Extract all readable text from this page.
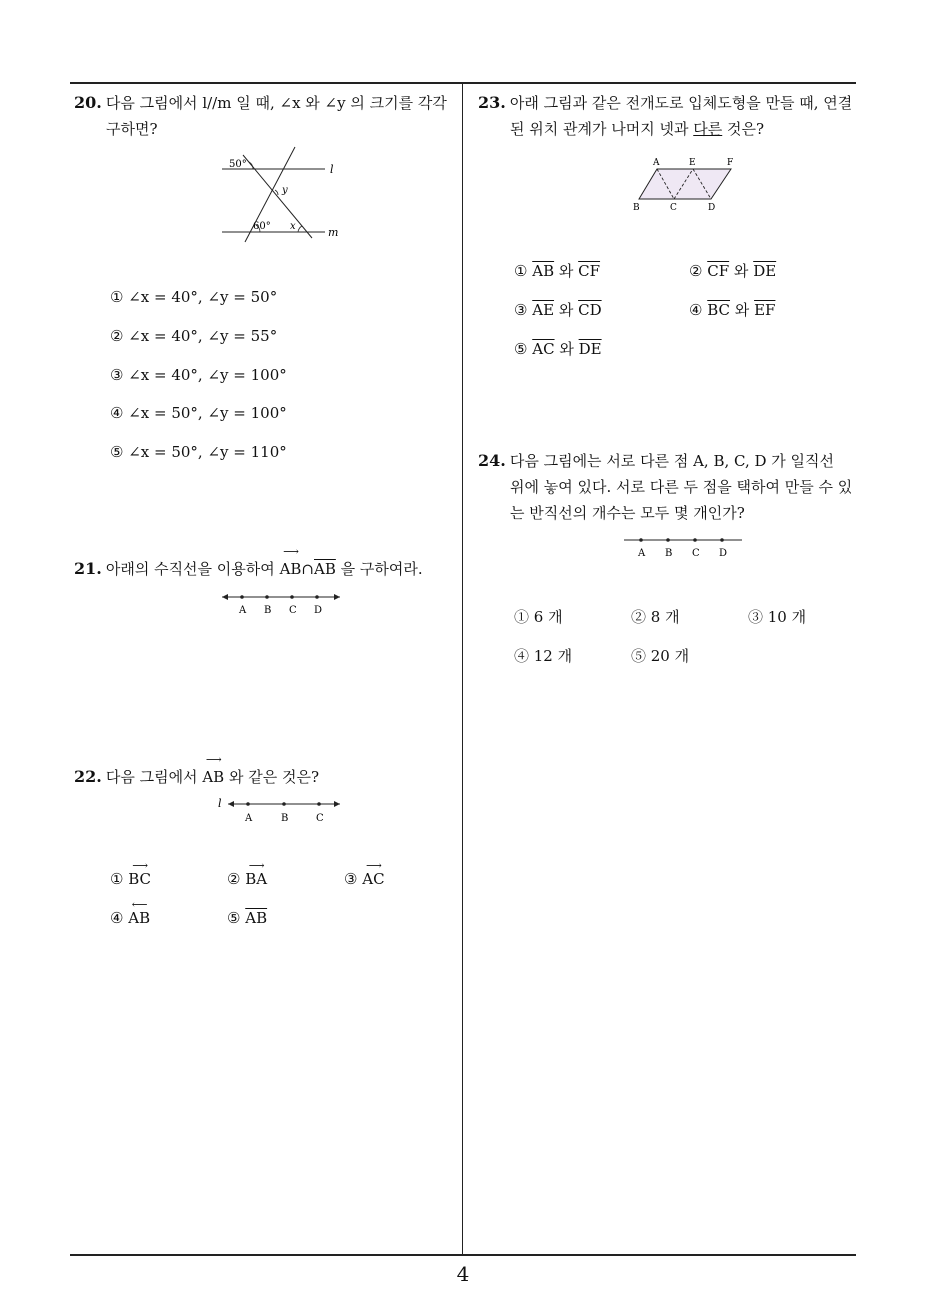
20. 다음 그림에서 l//m 일 때, ∠x 와 ∠y 의 크기를 각각
구하면?
50°
60° x
y
l
m
① ∠x = 40°, ∠y = 50°
② ∠x = 40°, ∠y = 55°
③ ∠x = 40°, ∠y = 100°
④ ∠x = 50°, ∠y = 100°
⑤ ∠x = 50°, ∠y = 110°
21. 아래의 수직선을 이용하여
⟶
$AB\cap\overline{AB}$ 을 구하여라.
A B C D
22. 다음 그림에서
⟶
AB 와 같은 것은?
l
A	B	C
①
⟶
BC	②
⟶
BA	③
⟶
AC
④
⟵
AB	⑤ $\overline{AB}$
23. 아래 그림과 같은 전개도로 입체도형을 만들 때, 연결
된 위치 관계가 나머지 넷과 다른 것은?
A	E	F
B	C	D
① $\overline{AB}$ 와 $\overline{CF}$	② $\overline{CF}$ 와 $\overline{DE}$
③ $\overline{AE}$ 와 $\overline{CD}$	④ $\overline{BC}$ 와 $\overline{EF}$
⑤ $\overline{AC}$ 와 $\overline{DE}$
24. 다음 그림에는 서로 다른 점 A, B, C, D 가 일직선
위에 놓여 있다. 서로 다른 두 점을 택하여 만들 수 있
는 반직선의 개수는 모두 몇 개인가?
A B C D
① 6 개	② 8 개	③ 10 개
④ 12 개	⑤ 20 개
4
